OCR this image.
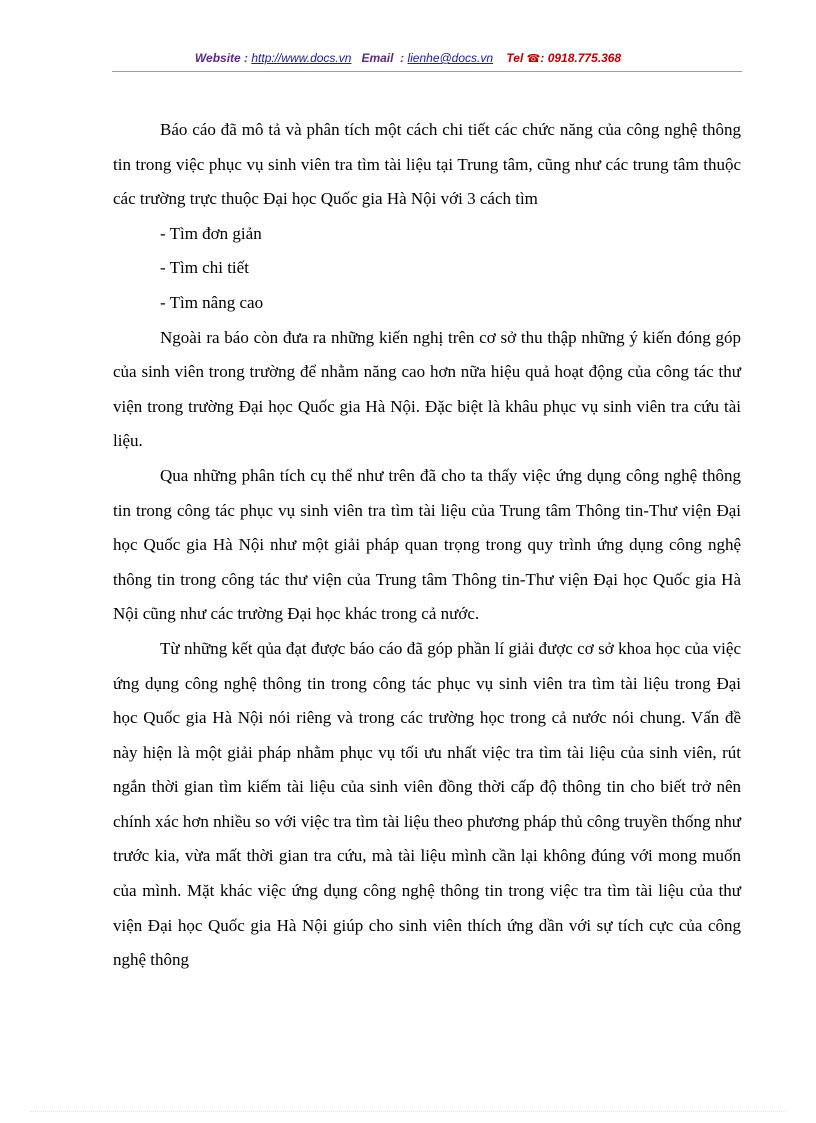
Website : http://www.docs.vn Email : lienhe@docs.vn Tel ☎: 0918.775.368

Báo cáo đã mô tả và phân tích một cách chi tiết các chức năng của công nghệ thông tin trong việc phục vụ sinh viên tra tìm tài liệu tại Trung tâm, cũng như các trung tâm thuộc các trường trực thuộc Đại học Quốc gia Hà Nội với 3 cách tìm

- Tìm đơn giản

- Tìm chi tiết

- Tìm nâng cao

Ngoài ra báo còn đưa ra những kiến nghị trên cơ sở thu thập những ý kiến đóng góp của sinh viên trong trường để nhằm năng cao hơn nữa hiệu quả hoạt động của công tác thư viện trong trường Đại học Quốc gia Hà Nội. Đặc biệt là khâu phục vụ sinh viên tra cứu tài liệu.

Qua những phân tích cụ thể như trên đã cho ta thấy việc ứng dụng công nghệ thông tin trong công tác phục vụ sinh viên tra tìm tài liệu của Trung tâm Thông tin-Thư viện Đại học Quốc gia Hà Nội như một giải pháp quan trọng trong quy trình ứng dụng công nghệ thông tin trong công tác thư viện của Trung tâm Thông tin-Thư viện Đại học Quốc gia Hà Nội cũng như các trường Đại học khác trong cả nước.

Từ những kết qủa đạt được báo cáo đã góp phần lí giải được cơ sở khoa học của việc ứng dụng công nghệ thông tin trong công tác phục vụ sinh viên tra tìm tài liệu trong Đại học Quốc gia Hà Nội nói riêng và trong các trường học trong cả nước nói chung. Vấn đề này hiện là một giải pháp nhằm phục vụ tối ưu nhất việc tra tìm tài liệu của sinh viên, rút ngắn thời gian tìm kiếm tài liệu của sinh viên đồng thời cấp độ thông tin cho biết trở nên chính xác hơn nhiều so với việc tra tìm tài liệu theo phương pháp thủ công truyền thống như trước kia, vừa mất thời gian tra cứu, mà tài liệu mình cần lại không đúng với mong muốn của mình. Mặt khác việc ứng dụng công nghệ thông tin trong việc tra tìm tài liệu của thư viện Đại học Quốc gia Hà Nội giúp cho sinh viên thích ứng dần với sự tích cực của công nghệ thông
